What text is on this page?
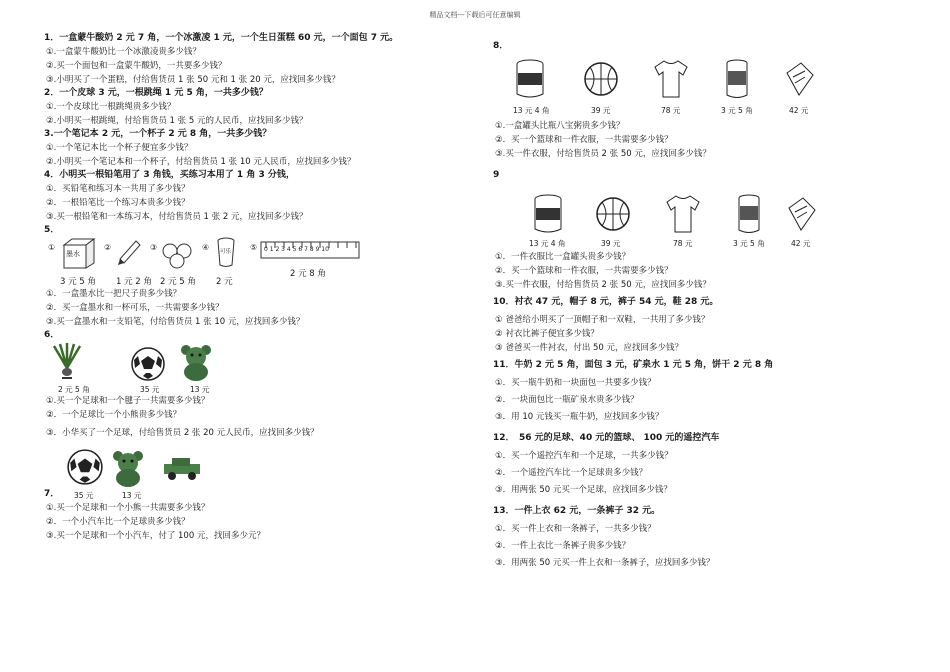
精品文档---下载后可任意编辑

1．一盒蒙牛酸奶 2 元 7 角，一个冰激凌 1 元，一个生日蛋糕 60 元，一个面包 7 元。

①.一盒蒙牛酸奶比一个冰激凌贵多少钱？

②.买一个面包和一盒蒙牛酸奶，一共要多少钱？

③.小明买了一个蛋糕，付给售货员 1 张 50 元和 1 张 20 元，应找回多少钱？

2．一个皮球 3 元，一根跳绳 1 元 5 角，一共多少钱？

①.一个皮球比一根跳绳贵多少钱？

②.小明买一根跳绳，付给售货员 1 张 5 元的人民币，应找回多少钱？

3.一个笔记本 2 元，一个杯子 2 元 8 角，一共多少钱？

①.一个笔记本比一个杯子便宜多少钱？

②.小明买一个笔记本和一个杯子，付给售货员 1 张 10 元人民币，应找回多少钱？

4．小明买一根铅笔用了 3 角钱，买练习本用了 1 角 3 分钱，

①．买铅笔和练习本一共用了多少钱？

②．一根铅笔比一个练习本贵多少钱？

③.买一根铅笔和一本练习本，付给售货员 1 张 2 元，应找回多少钱？

5．

①
墨水
②	③	④ 可乐 ⑤ 0 1 2 3 4 5 6 7 8 9 10
3 元 5 角 1 元 2 角 2 元 5 角 2 元
2 元 8 角

①．一盒墨水比一把尺子贵多少钱？

②．买一盒墨水和一杯可乐，一共需要多少钱？

③.买一盒墨水和一支铅笔，付给售货员 1 张 10 元，应找回多少钱？

6．

2 元 5 角	35 元	13 元

①.买一个足球和一个毽子一共需要多少钱？

②．一个足球比一个小熊贵多少钱？

③．小华买了一个足球，付给售货员 2 张 20 元人民币，应找回多少钱？

35 元	13 元

7．

①.买一个足球和一个小熊一共需要多少钱？

②．一个小汽车比一个足球贵多少钱？

③.买一个足球和一个小汽车，付了 100 元，找回多少元？

8．

13 元 4 角	39 元	78 元	3 元 5 角	42 元

①.一盒罐头比瓶八宝粥贵多少钱？

②．买一个篮球和一件衣服，一共需要多少钱？

③.买一件衣服，付给售货员 2 张 50 元，应找回多少钱？

9

13 元 4 角	39 元	78 元	3 元 5 角	42 元

①．一件衣服比一盒罐头贵多少钱？

②．买一个篮球和一件衣服，一共需要多少钱？

③.买一件衣服，付给售货员 2 张 50 元，应找回多少钱？

10．衬衣 47 元，帽子 8 元，裤子 54 元，鞋 28 元。

① 爸爸给小明买了一顶帽子和一双鞋，一共用了多少钱？

② 衬衣比裤子便宜多少钱？

③ 爸爸买一件衬衣，付出 50 元，应找回多少钱？

11．牛奶 2 元 5 角，面包 3 元，矿泉水 1 元 5 角，饼干 2 元 8 角

①．买一瓶牛奶和一块面包一共要多少钱？

②．一块面包比一瓶矿泉水贵多少钱？

③．用 10 元钱买一瓶牛奶，应找回多少钱？

12．　56 元的足球、40 元的篮球、 100 元的遥控汽车

①．买一个遥控汽车和一个足球，一共多少钱？

②．一个遥控汽车比一个足球贵多少钱？

③．用两张 50 元买一个足球，应找回多少钱？

13．一件上衣 62 元，一条裤子 32 元。

①．买一件上衣和一条裤子，一共多少钱？

②．一件上衣比一条裤子贵多少钱？

③．用两张 50 元买一件上衣和一条裤子，应找回多少钱？
